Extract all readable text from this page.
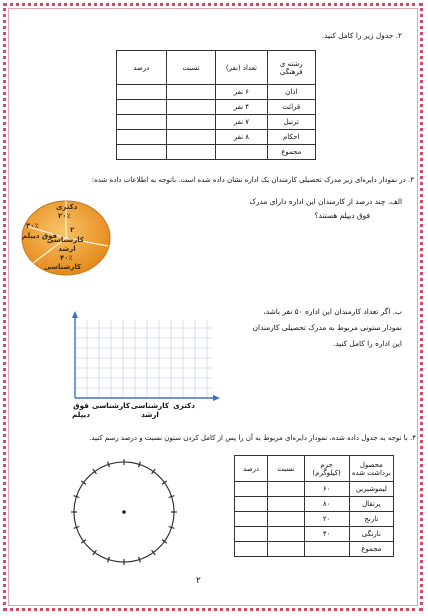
۲. جدول زیر را کامل کنید.
رشته ی فرهنگی	تعداد (نفر)	نسبت	درصد
اذان	۶ نفر		
قرائت	۴ نفر		
ترتیل	۷ نفر		
احکام	۸ نفر		
مجموع			
۳. در نمودار دایره‌ای زیر مدرک تحصیلی کارمندان یک اداره نشان داده شده است. باتوجه به اطلاعات داده شده:
الف. چند درصد از کارمندان این اداره دارای مدرک
فوق دیپلم هستند؟
دکتری
۲۰٪
۳۰٪
فوق دیپلم
۲
کارشناسی ارشد
۴۰٪
کارشناسی
ب. اگر تعداد کارمندان این اداره ۵۰ نفر باشد،
نمودار ستونی مربوط به مدرک تحصیلی کارمندان
این اداره را کامل کنید.
دکتری
کارشناسی ارشد
کارشناسی
فوق دیپلم
۴. با توجه به جدول داده شده، نمودار دایره‌ای مربوط به آن را پس از کامل کردن ستون نسبت و درصد رسم کنید.
محصول برداشت شده	جرم (کیلوگرم)	نسبت	درصد
لیموشیرین	۶۰		
پرتقال	۸۰		
نارنج	۲۰		
نارنگی	۴۰		
مجموع			
۲
